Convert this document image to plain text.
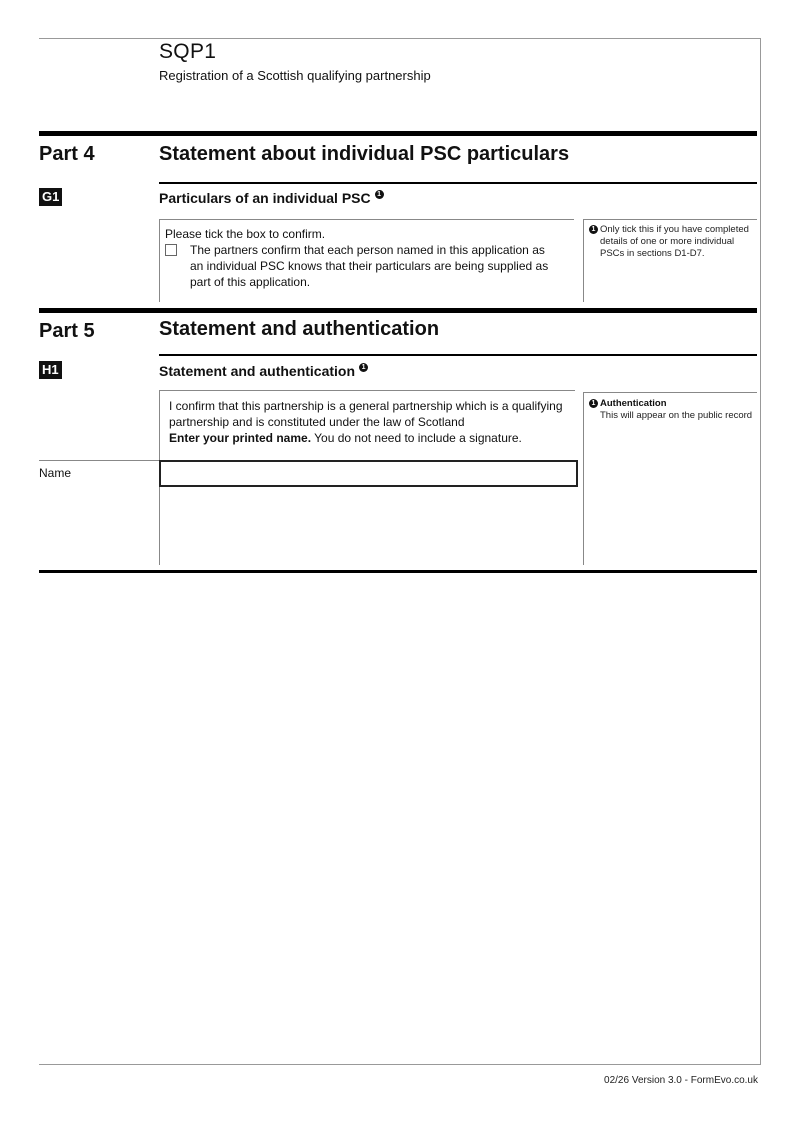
SQP1
Registration of a Scottish qualifying partnership
Part 4	Statement about individual PSC particulars
G1	Particulars of an individual PSC 1
Please tick the box to confirm.
The partners confirm that each person named in this application as an individual PSC knows that their particulars are being supplied as part of this application.
1 Only tick this if you have completed details of one or more individual PSCs in sections D1-D7.
Part 5	Statement and authentication
H1	Statement and authentication 1
I confirm that this partnership is a general partnership which is a qualifying partnership and is constituted under the law of Scotland
Enter your printed name. You do not need to include a signature.
Name
1 Authentication
This will appear on the public record
02/26 Version 3.0 - FormEvo.co.uk
